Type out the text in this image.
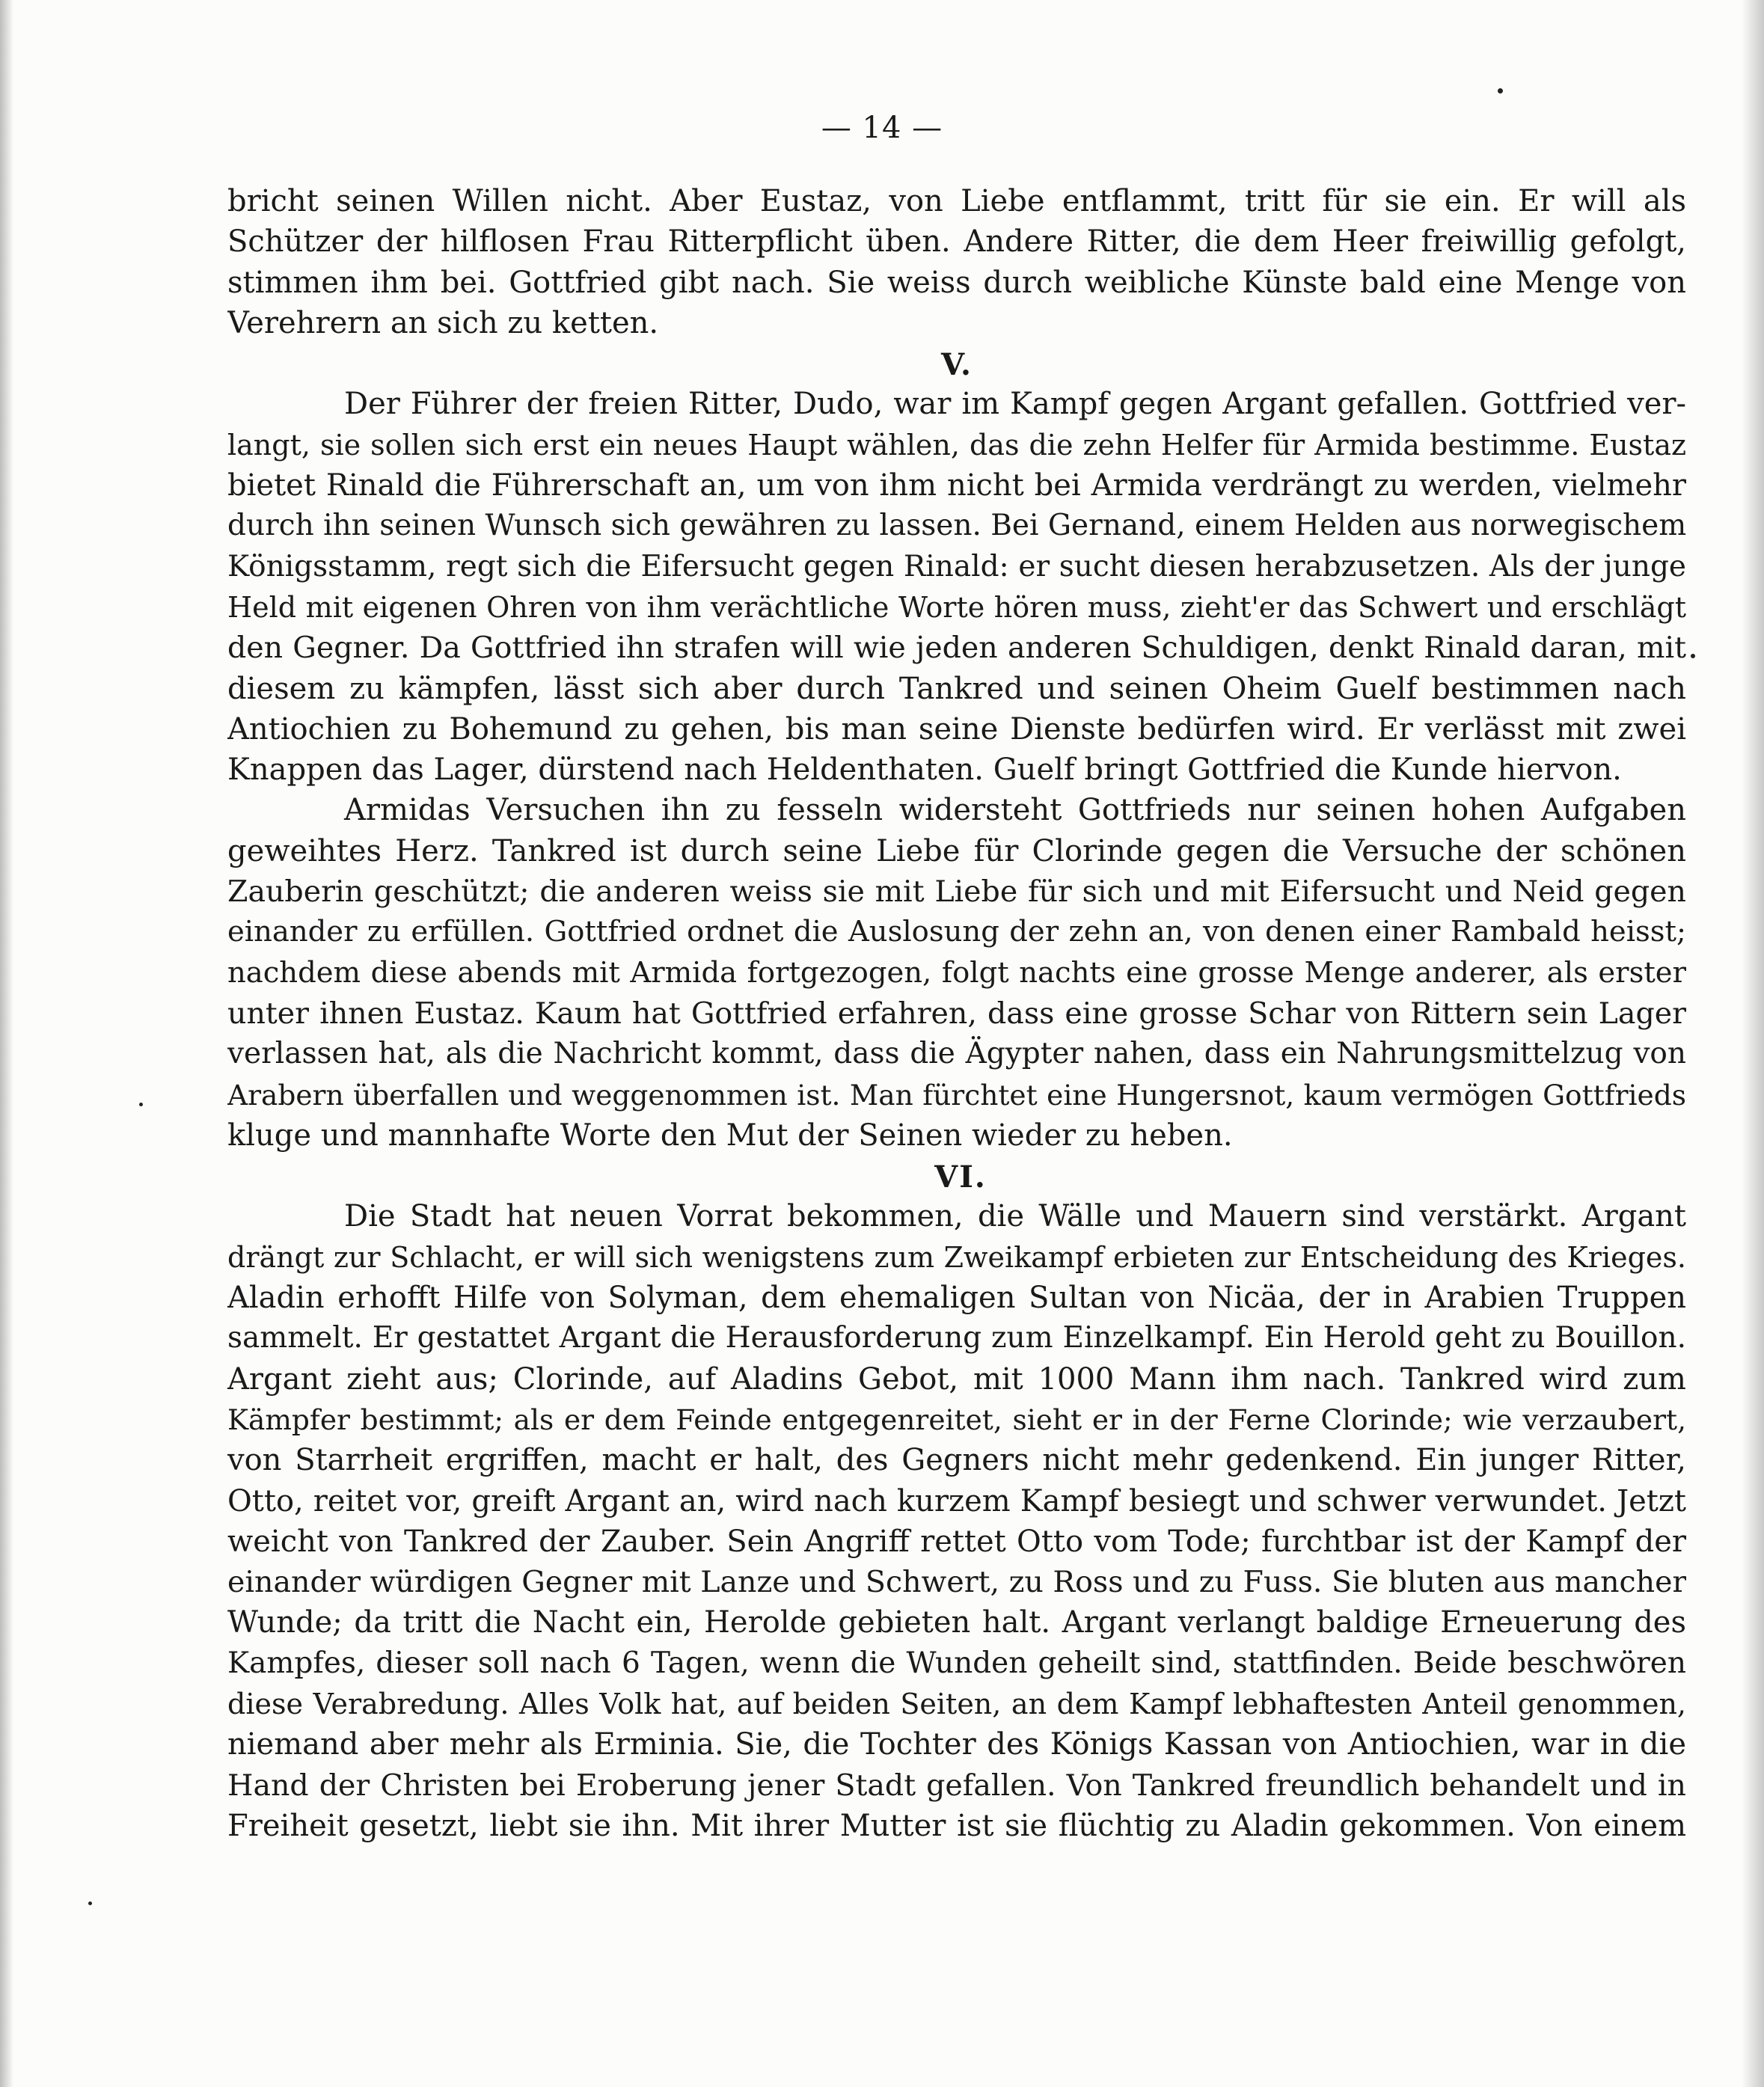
— 14 —
bricht seinen Willen nicht. Aber Eustaz, von Liebe entflammt, tritt für sie ein. Er will als
Schützer der hilflosen Frau Ritterpflicht üben. Andere Ritter, die dem Heer freiwillig gefolgt,
stimmen ihm bei. Gottfried gibt nach. Sie weiss durch weibliche Künste bald eine Menge von
Verehrern an sich zu ketten.
V.
Der Führer der freien Ritter, Dudo, war im Kampf gegen Argant gefallen. Gottfried ver-
langt, sie sollen sich erst ein neues Haupt wählen, das die zehn Helfer für Armida bestimme. Eustaz
bietet Rinald die Führerschaft an, um von ihm nicht bei Armida verdrängt zu werden, vielmehr
durch ihn seinen Wunsch sich gewähren zu lassen. Bei Gernand, einem Helden aus norwegischem
Königsstamm, regt sich die Eifersucht gegen Rinald: er sucht diesen herabzusetzen. Als der junge
Held mit eigenen Ohren von ihm verächtliche Worte hören muss, zieht'er das Schwert und erschlägt
den Gegner. Da Gottfried ihn strafen will wie jeden anderen Schuldigen, denkt Rinald daran, mit
diesem zu kämpfen, lässt sich aber durch Tankred und seinen Oheim Guelf bestimmen nach
Antiochien zu Bohemund zu gehen, bis man seine Dienste bedürfen wird. Er verlässt mit zwei
Knappen das Lager, dürstend nach Heldenthaten. Guelf bringt Gottfried die Kunde hiervon.
Armidas Versuchen ihn zu fesseln widersteht Gottfrieds nur seinen hohen Aufgaben
geweihtes Herz. Tankred ist durch seine Liebe für Clorinde gegen die Versuche der schönen
Zauberin geschützt; die anderen weiss sie mit Liebe für sich und mit Eifersucht und Neid gegen
einander zu erfüllen. Gottfried ordnet die Auslosung der zehn an, von denen einer Rambald heisst;
nachdem diese abends mit Armida fortgezogen, folgt nachts eine grosse Menge anderer, als erster
unter ihnen Eustaz. Kaum hat Gottfried erfahren, dass eine grosse Schar von Rittern sein Lager
verlassen hat, als die Nachricht kommt, dass die Ägypter nahen, dass ein Nahrungsmittelzug von
Arabern überfallen und weggenommen ist. Man fürchtet eine Hungersnot, kaum vermögen Gottfrieds
kluge und mannhafte Worte den Mut der Seinen wieder zu heben.
VI.
Die Stadt hat neuen Vorrat bekommen, die Wälle und Mauern sind verstärkt. Argant
drängt zur Schlacht, er will sich wenigstens zum Zweikampf erbieten zur Entscheidung des Krieges.
Aladin erhofft Hilfe von Solyman, dem ehemaligen Sultan von Nicäa, der in Arabien Truppen
sammelt. Er gestattet Argant die Herausforderung zum Einzelkampf. Ein Herold geht zu Bouillon.
Argant zieht aus; Clorinde, auf Aladins Gebot, mit 1000 Mann ihm nach. Tankred wird zum
Kämpfer bestimmt; als er dem Feinde entgegenreitet, sieht er in der Ferne Clorinde; wie verzaubert,
von Starrheit ergriffen, macht er halt, des Gegners nicht mehr gedenkend. Ein junger Ritter,
Otto, reitet vor, greift Argant an, wird nach kurzem Kampf besiegt und schwer verwundet. Jetzt
weicht von Tankred der Zauber. Sein Angriff rettet Otto vom Tode; furchtbar ist der Kampf der
einander würdigen Gegner mit Lanze und Schwert, zu Ross und zu Fuss. Sie bluten aus mancher
Wunde; da tritt die Nacht ein, Herolde gebieten halt. Argant verlangt baldige Erneuerung des
Kampfes, dieser soll nach 6 Tagen, wenn die Wunden geheilt sind, stattfinden. Beide beschwören
diese Verabredung. Alles Volk hat, auf beiden Seiten, an dem Kampf lebhaftesten Anteil genommen,
niemand aber mehr als Erminia. Sie, die Tochter des Königs Kassan von Antiochien, war in die
Hand der Christen bei Eroberung jener Stadt gefallen. Von Tankred freundlich behandelt und in
Freiheit gesetzt, liebt sie ihn. Mit ihrer Mutter ist sie flüchtig zu Aladin gekommen. Von einem
